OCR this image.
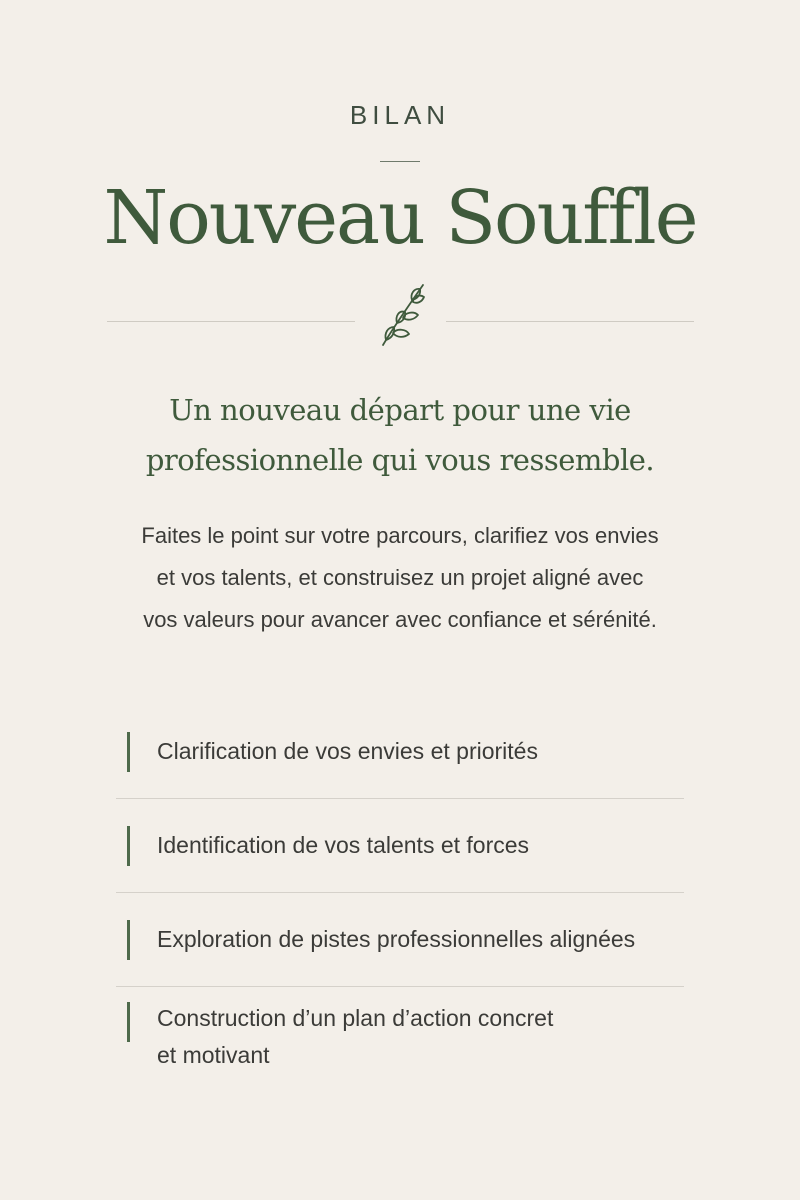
BILAN
Nouveau Souffle
Un nouveau départ pour une vie
professionnelle qui vous ressemble.

Faites le point sur votre parcours, clarifiez vos envies
et vos talents, et construisez un projet aligné avec
vos valeurs pour avancer avec confiance et sérénité.

Clarification de vos envies et priorités
Identification de vos talents et forces
Exploration de pistes professionnelles alignées
Construction d’un plan d’action concret
et motivant
